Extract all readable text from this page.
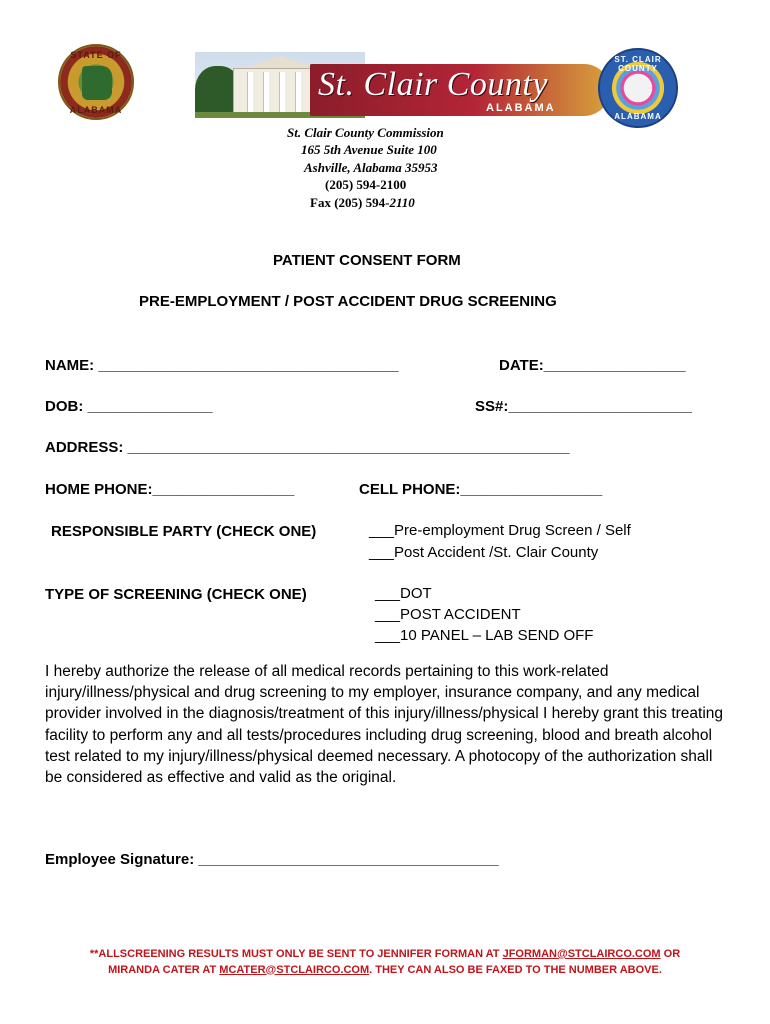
STATE OF
ALABAMA
St. Clair County
ALABAMA
ST. CLAIR COUNTY
ALABAMA
St. Clair County Commission
165 5th Avenue Suite 100
Ashville, Alabama 35953
(205) 594-2100
Fax (205) 594-2110
PATIENT CONSENT FORM
PRE-EMPLOYMENT / POST ACCIDENT DRUG SCREENING
NAME: ____________________________________	DATE:_________________
DOB: _______________	SS#:______________________
ADDRESS: _____________________________________________________
HOME PHONE:_________________	CELL PHONE:_________________
RESPONSIBLE PARTY (CHECK ONE)	___Pre-employment Drug Screen / Self
___Post Accident /St. Clair County
TYPE OF SCREENING (CHECK ONE)	___DOT
___POST ACCIDENT
___10 PANEL – LAB SEND OFF
I hereby authorize the release of all medical records pertaining to this work-related injury/illness/physical and drug screening to my employer, insurance company, and any medical provider involved in the diagnosis/treatment of this injury/illness/physical I hereby grant this treating facility to perform any and all tests/procedures including drug screening, blood and breath alcohol test related to my injury/illness/physical deemed necessary. A photocopy of the authorization shall be considered as effective and valid as the original.
Employee Signature: ____________________________________
**ALLSCREENING RESULTS MUST ONLY BE SENT TO JENNIFER FORMAN AT JFORMAN@STCLAIRCO.COM OR
MIRANDA CATER AT MCATER@STCLAIRCO.COM. THEY CAN ALSO BE FAXED TO THE NUMBER ABOVE.
